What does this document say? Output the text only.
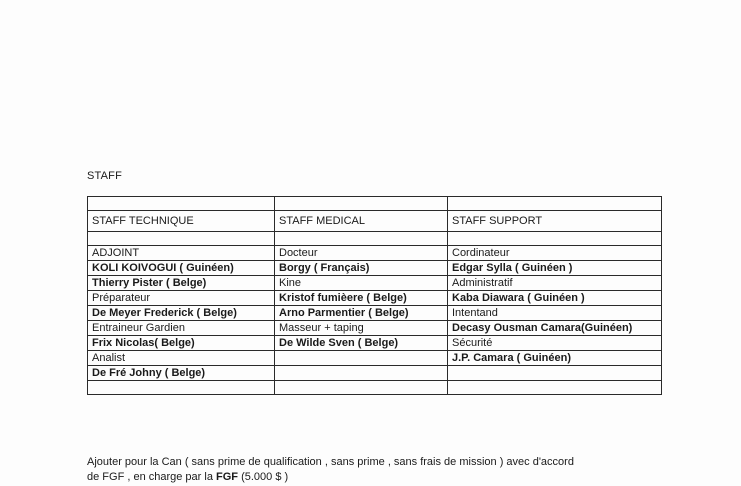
STAFF

STAFF TECHNIQUE	STAFF MEDICAL	STAFF SUPPORT

ADJOINT	Docteur	Cordinateur
KOLI KOIVOGUI ( Guinéen)	Borgy ( Français)	Edgar Sylla ( Guinéen )
Thierry Pister ( Belge)	Kine	Administratif
Préparateur	Kristof fumièere ( Belge)	Kaba Diawara ( Guinéen )
De Meyer Frederick ( Belge)	Arno Parmentier ( Belge)	Intentand
Entraineur Gardien	Masseur + taping	Decasy Ousman Camara(Guinéen)
Frix Nicolas( Belge)	De Wilde Sven ( Belge)	Sécurité
Analist		J.P. Camara ( Guinéen)
De Fré Johny ( Belge)		

Ajouter pour la Can ( sans prime de qualification , sans prime , sans frais de mission ) avec d'accord
de FGF , en charge par la FGF (5.000 $ )
